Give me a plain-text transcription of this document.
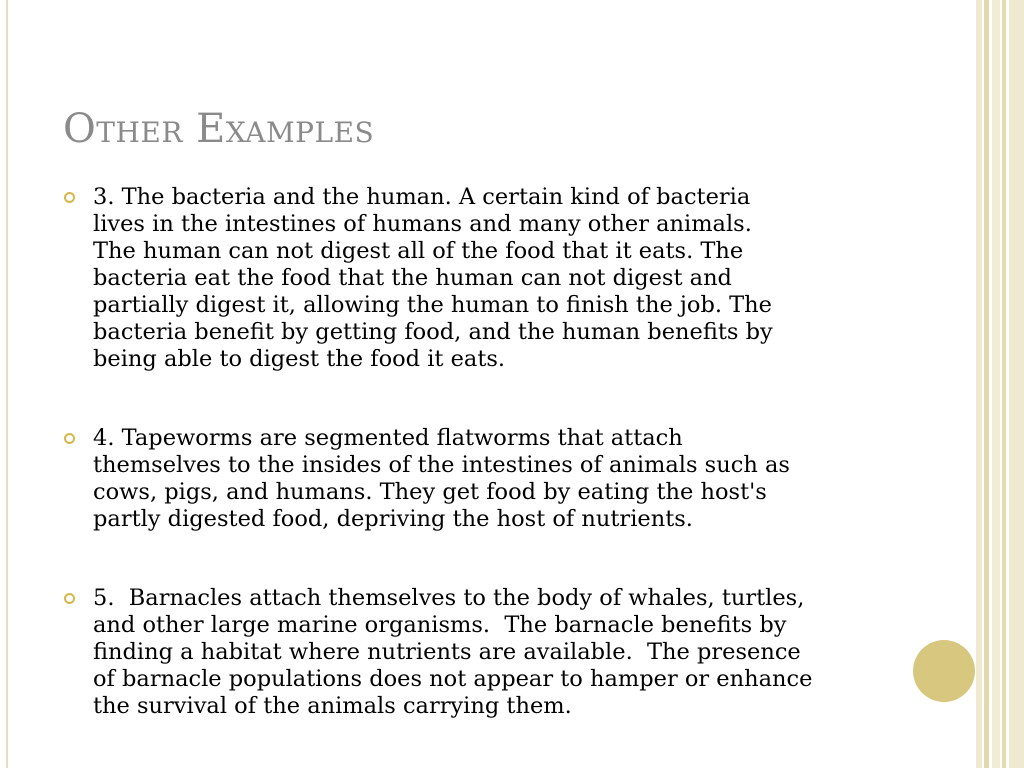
Other Examples
3. The bacteria and the human. A certain kind of bacteria
lives in the intestines of humans and many other animals.
The human can not digest all of the food that it eats. The
bacteria eat the food that the human can not digest and
partially digest it, allowing the human to finish the job. The
bacteria benefit by getting food, and the human benefits by
being able to digest the food it eats.
4. Tapeworms are segmented flatworms that attach
themselves to the insides of the intestines of animals such as
cows, pigs, and humans. They get food by eating the host's
partly digested food, depriving the host of nutrients.
5.  Barnacles attach themselves to the body of whales, turtles,
and other large marine organisms.  The barnacle benefits by
finding a habitat where nutrients are available.  The presence
of barnacle populations does not appear to hamper or enhance
the survival of the animals carrying them.
